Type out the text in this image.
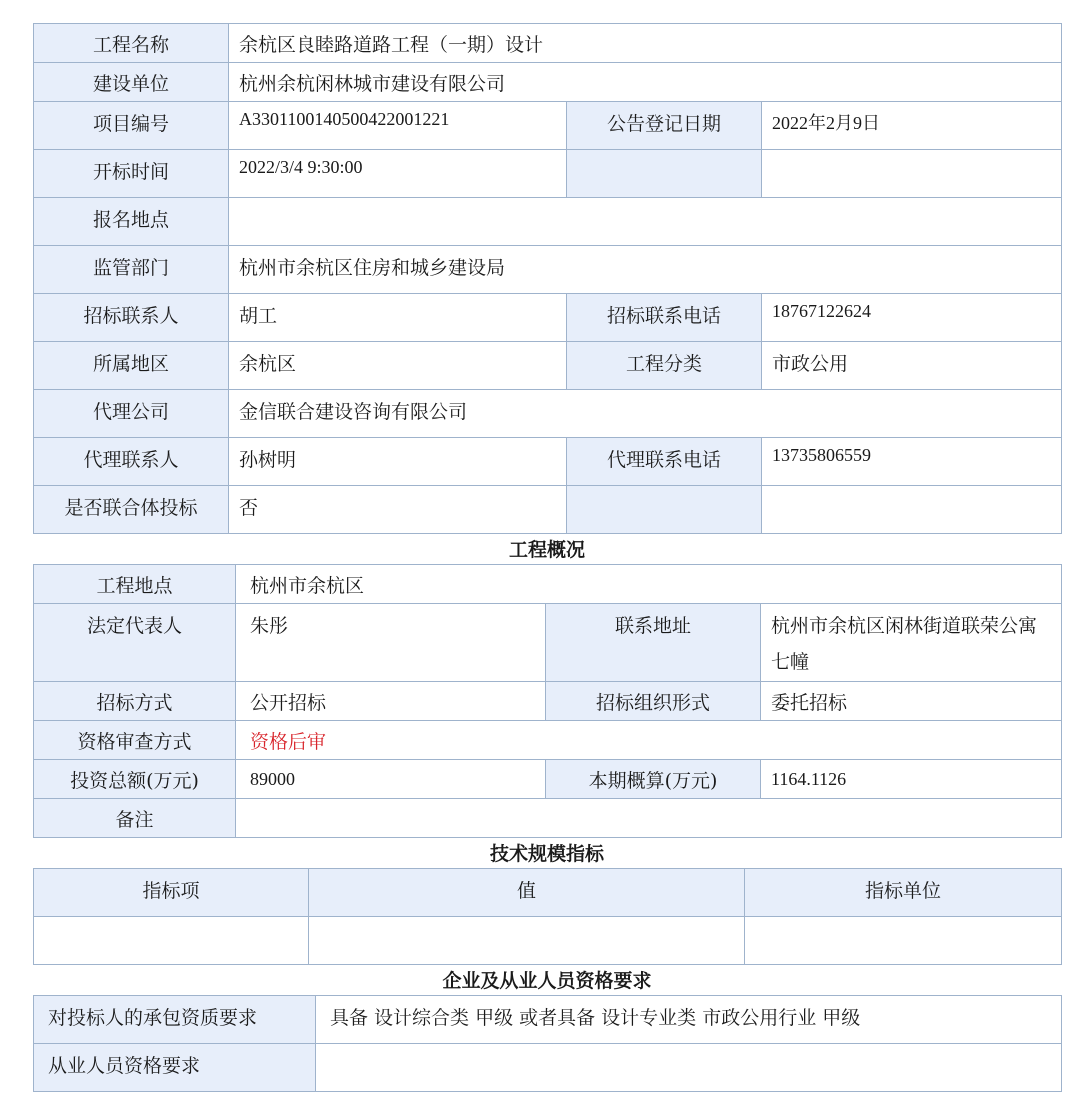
工程名称	余杭区良睦路道路工程（一期）设计		
建设单位	杭州余杭闲林城市建设有限公司		
项目编号	A3301100140500422001221	公告登记日期	2022年2月9日
开标时间	2022/3/4 9:30:00		
报名地点			
监管部门	杭州市余杭区住房和城乡建设局		
招标联系人	胡工	招标联系电话	18767122624
所属地区	余杭区	工程分类	市政公用
代理公司	金信联合建设咨询有限公司		
代理联系人	孙树明	代理联系电话	13735806559
是否联合体投标	否		
工程概况
工程地点	杭州市余杭区		
法定代表人	朱彤	联系地址	杭州市余杭区闲林街道联荣公寓七幢
招标方式	公开招标	招标组织形式	委托招标
资格审查方式	资格后审		
投资总额(万元)	89000	本期概算(万元)	1164.1126
备注			
技术规模指标
指标项	值	指标单位

企业及从业人员资格要求
对投标人的承包资质要求	具备 设计综合类 甲级 或者具备 设计专业类 市政公用行业 甲级
从业人员资格要求	
